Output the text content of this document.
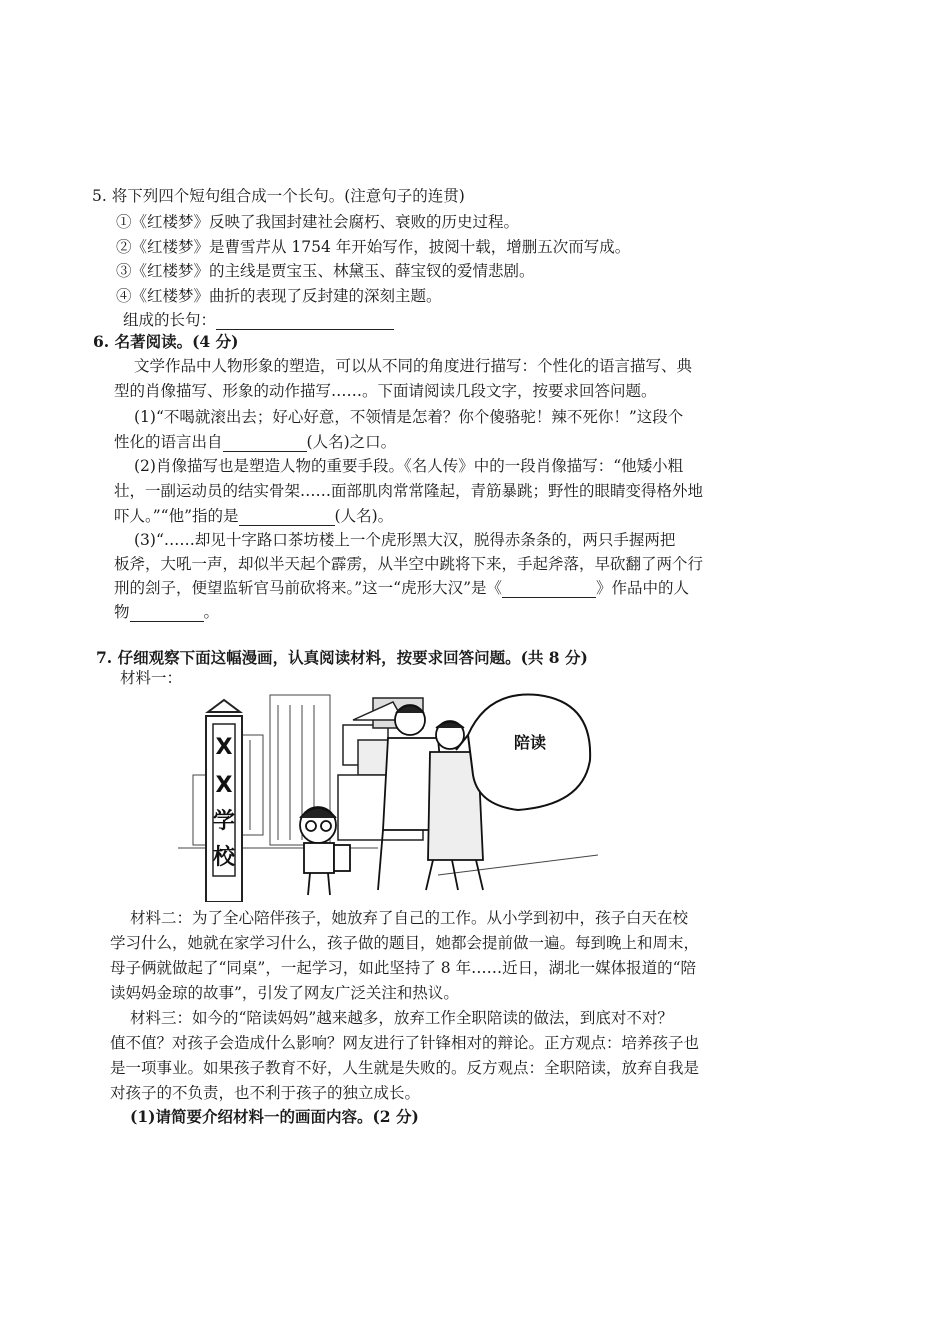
5. 将下列四个短句组合成一个长句。(注意句子的连贯)
①《红楼梦》反映了我国封建社会腐朽、衰败的历史过程。
②《红楼梦》是曹雪芹从 1754 年开始写作，披阅十载，增删五次而写成。
③《红楼梦》的主线是贾宝玉、林黛玉、薛宝钗的爱情悲剧。
④《红楼梦》曲折的表现了反封建的深刻主题。
组成的长句：
6. 名著阅读。(4 分)
文学作品中人物形象的塑造，可以从不同的角度进行描写：个性化的语言描写、典
型的肖像描写、形象的动作描写……。下面请阅读几段文字，按要求回答问题。
(1)“不喝就滚出去；好心好意，不领情是怎着？你个傻骆驼！辣不死你！”这段个
性化的语言出自	(人名)之口。
(2)肖像描写也是塑造人物的重要手段。《名人传》中的一段肖像描写：“他矮小粗
壮，一副运动员的结实骨架……面部肌肉常常隆起，青筋暴跳；野性的眼睛变得格外地
吓人。”“他”指的是	(人名)。
(3)“……却见十字路口茶坊楼上一个虎形黑大汉，脱得赤条条的，两只手握两把
板斧，大吼一声，却似半天起个霹雳，从半空中跳将下来，手起斧落，早砍翻了两个行
刑的刽子，便望监斩官马前砍将来。”这一“虎形大汉”是《	》作品中的人
物	。
7. 仔细观察下面这幅漫画，认真阅读材料，按要求回答问题。(共 8 分)
材料一：
X
X
学
校
陪读
材料二：为了全心陪伴孩子，她放弃了自己的工作。从小学到初中，孩子白天在校
学习什么，她就在家学习什么，孩子做的题目，她都会提前做一遍。每到晚上和周末，
母子俩就做起了“同桌”，一起学习，如此坚持了 8 年……近日，湖北一媒体报道的“陪
读妈妈金琼的故事”，引发了网友广泛关注和热议。
材料三：如今的“陪读妈妈”越来越多，放弃工作全职陪读的做法，到底对不对？
值不值？对孩子会造成什么影响？网友进行了针锋相对的辩论。正方观点：培养孩子也
是一项事业。如果孩子教育不好，人生就是失败的。反方观点：全职陪读，放弃自我是
对孩子的不负责，也不利于孩子的独立成长。
(1)请简要介绍材料一的画面内容。(2 分)
